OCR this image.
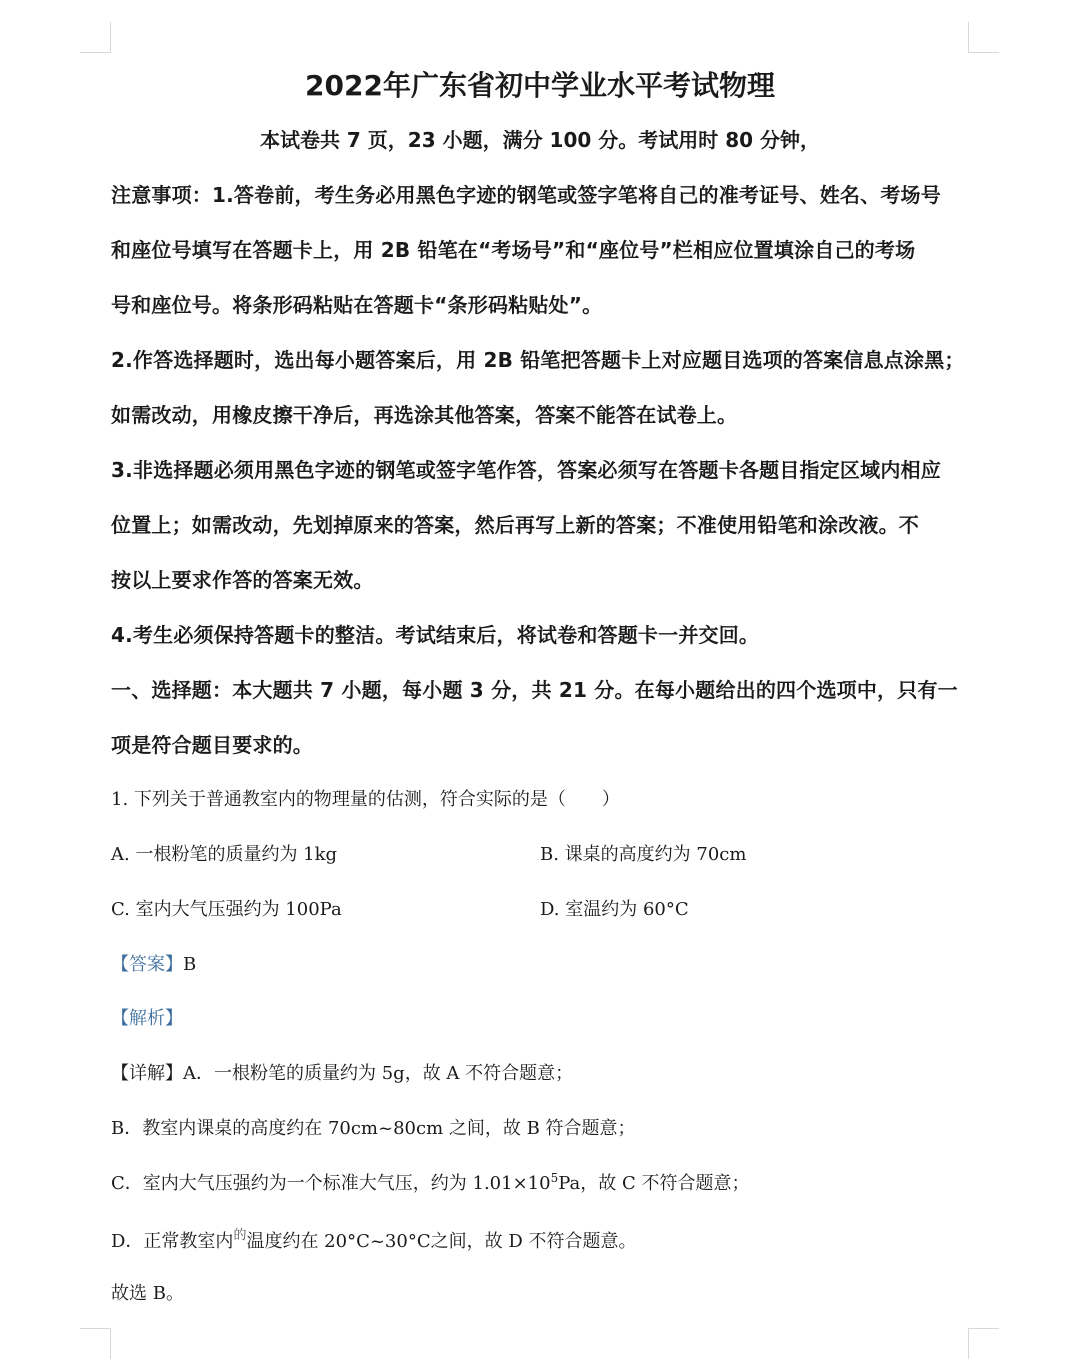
2022年广东省初中学业水平考试物理
本试卷共 7 页，23 小题，满分 100 分。考试用时 80 分钟，
注意事项：1.答卷前，考生务必用黑色字迹的钢笔或签字笔将自己的准考证号、姓名、考场号
和座位号填写在答题卡上，用 2B 铅笔在“考场号”和“座位号”栏相应位置填涂自己的考场
号和座位号。将条形码粘贴在答题卡“条形码粘贴处”。
2.作答选择题时，选出每小题答案后，用 2B 铅笔把答题卡上对应题目选项的答案信息点涂黑；
如需改动，用橡皮擦干净后，再选涂其他答案，答案不能答在试卷上。
3.非选择题必须用黑色字迹的钢笔或签字笔作答，答案必须写在答题卡各题目指定区域内相应
位置上；如需改动，先划掉原来的答案，然后再写上新的答案；不准使用铅笔和涂改液。不
按以上要求作答的答案无效。
4.考生必须保持答题卡的整洁。考试结束后，将试卷和答题卡一并交回。
一、选择题：本大题共 7 小题，每小题 3 分，共 21 分。在每小题给出的四个选项中，只有一
项是符合题目要求的。
1. 下列关于普通教室内的物理量的估测，符合实际的是（　　）
A. 一根粉笔的质量约为 1kg	B. 课桌的高度约为 70cm
C. 室内大气压强约为 100Pa	D. 室温约为 60°C
【答案】B
【解析】
【详解】A．一根粉笔的质量约为 5g，故 A 不符合题意；
B．教室内课桌的高度约在 70cm~80cm 之间，故 B 符合题意；
C．室内大气压强约为一个标准大气压，约为 $1.01\times 10^5Pa$，故 C 不符合题意；
D．正常教室内$^的$温度约在 20°C~30°C之间，故 D 不符合题意。
故选 B。
